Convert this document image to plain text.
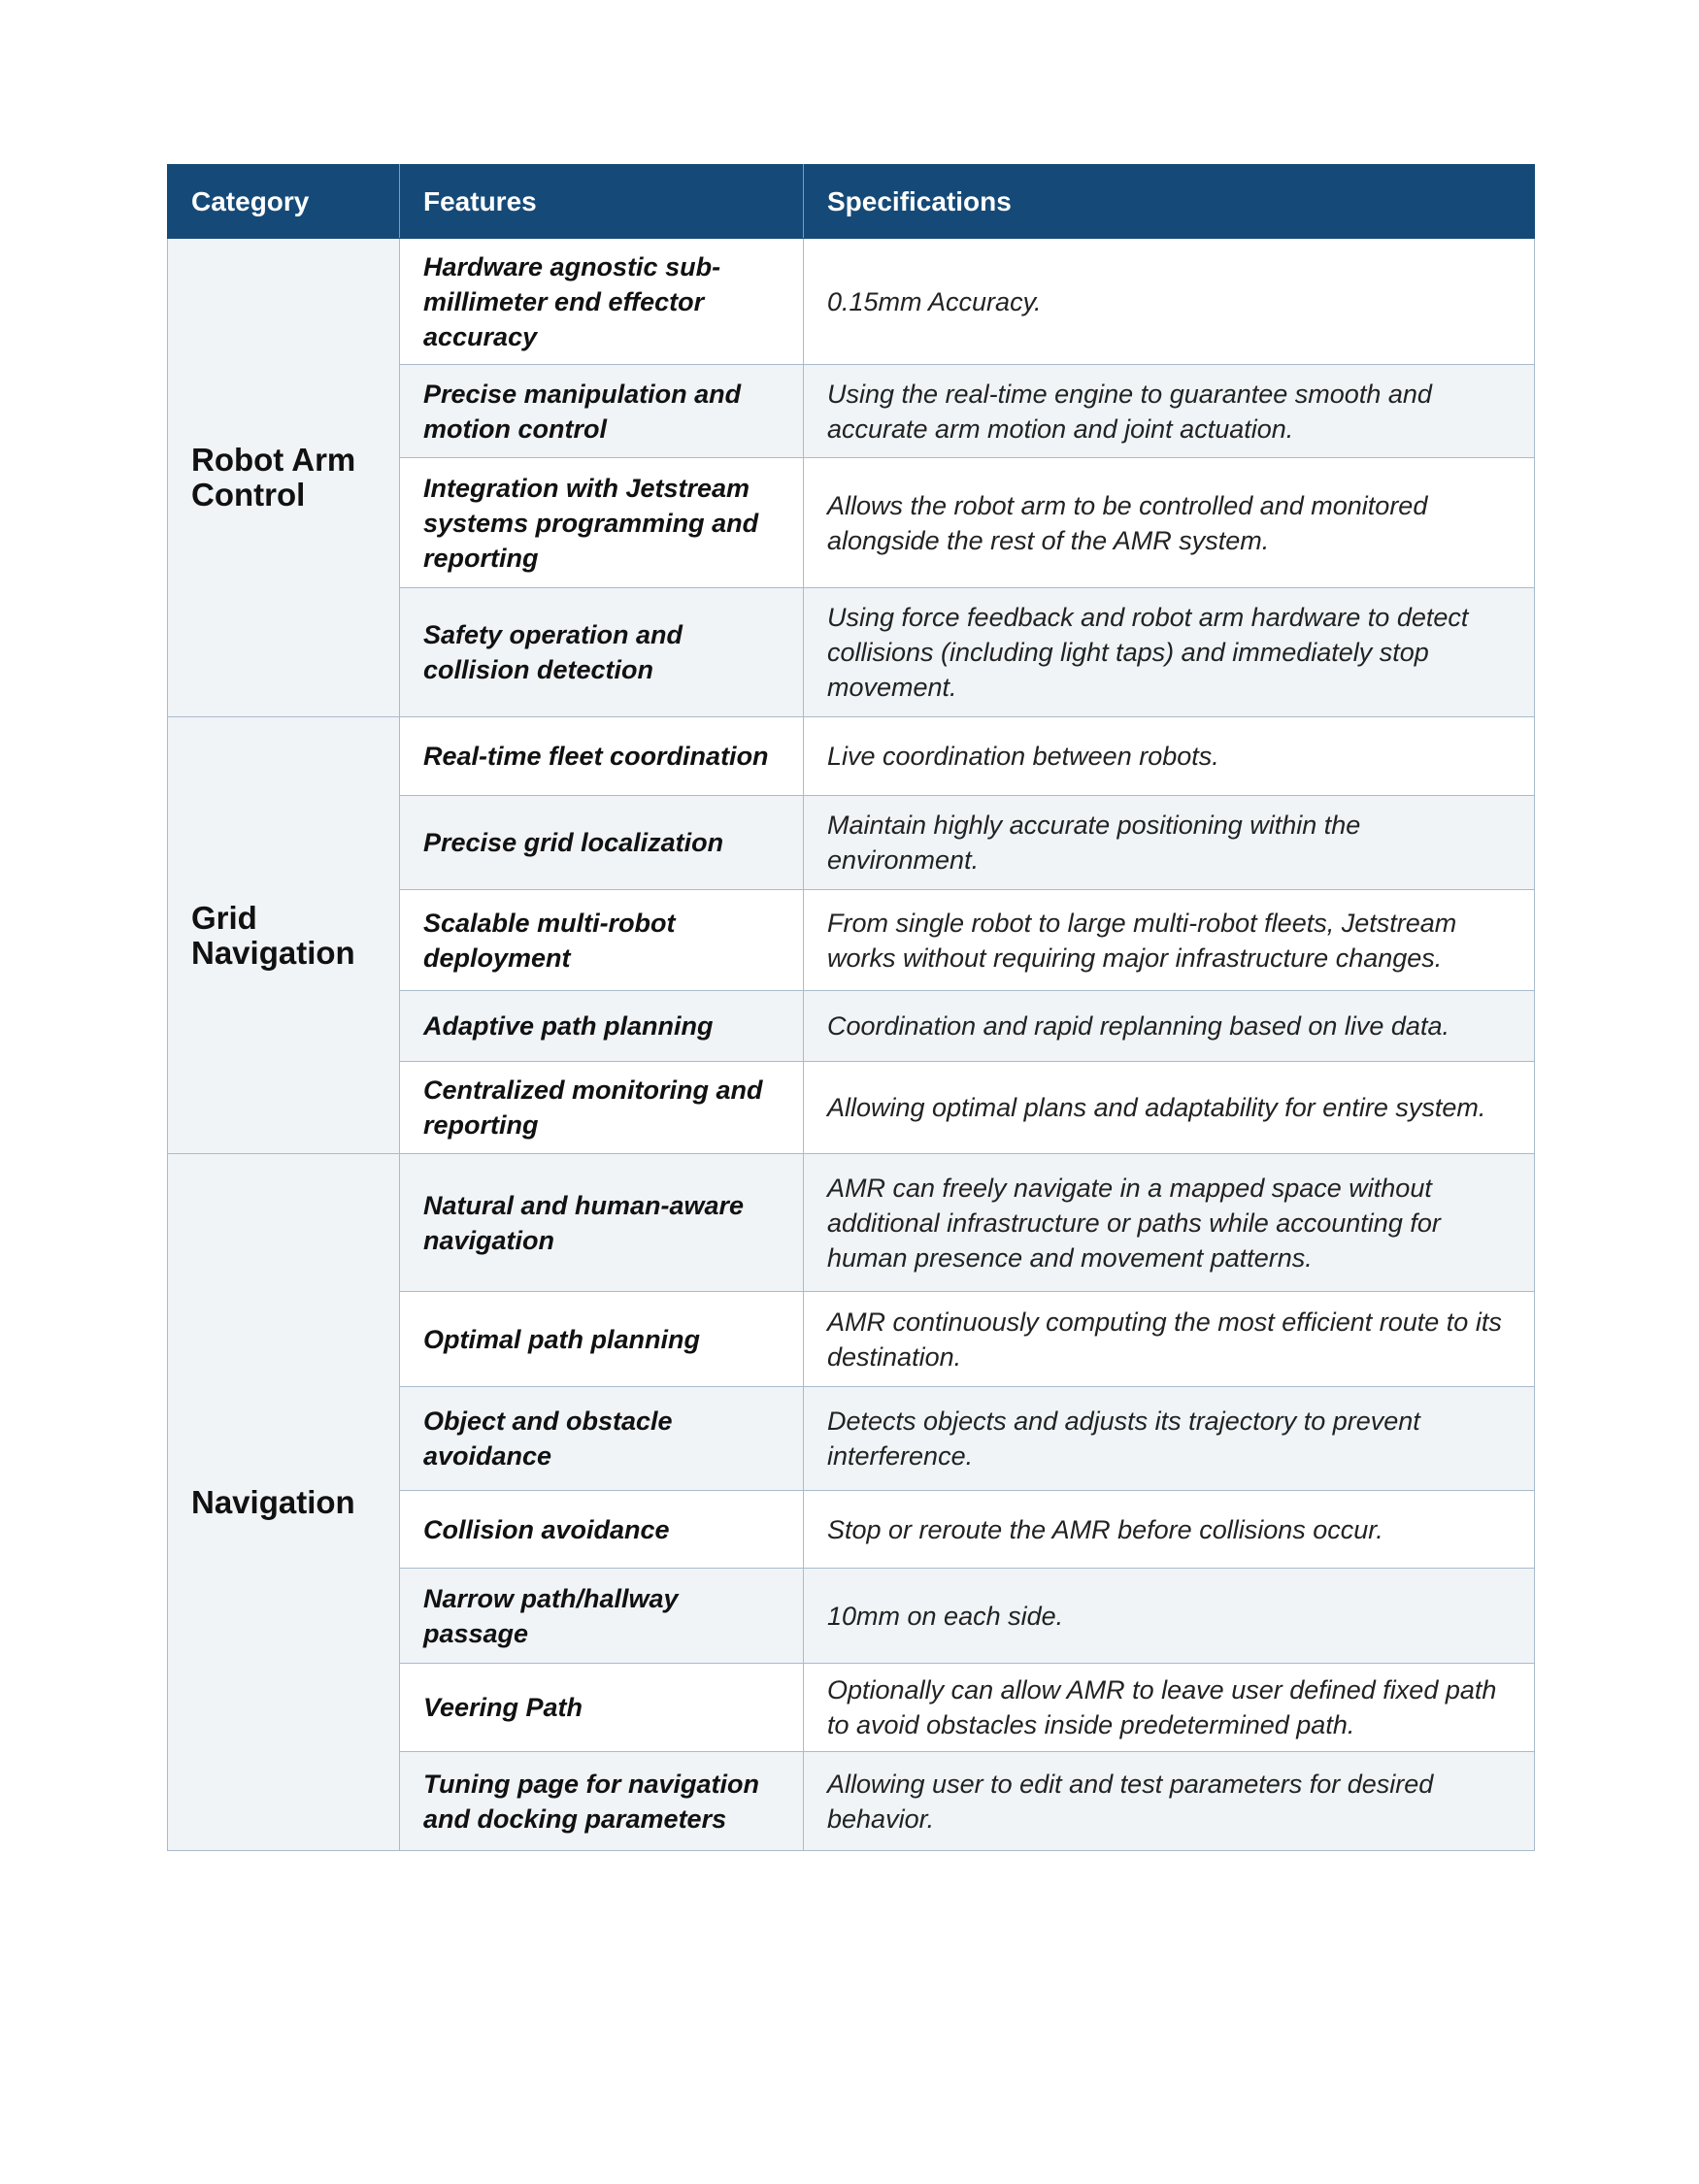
Category	Features	Specifications
Robot Arm Control	Hardware agnostic sub-millimeter end effector accuracy	0.15mm Accuracy.
	Precise manipulation and motion control	Using the real-time engine to guarantee smooth and accurate arm motion and joint actuation.
	Integration with Jetstream systems programming and reporting	Allows the robot arm to be controlled and monitored alongside the rest of the AMR system.
	Safety operation and collision detection	Using force feedback and robot arm hardware to detect collisions (including light taps) and immediately stop movement.
Grid Navigation	Real-time fleet coordination	Live coordination between robots.
	Precise grid localization	Maintain highly accurate positioning within the environment.
	Scalable multi-robot deployment	From single robot to large multi-robot fleets, Jetstream works without requiring major infrastructure changes.
	Adaptive path planning	Coordination and rapid replanning based on live data.
	Centralized monitoring and reporting	Allowing optimal plans and adaptability for entire system.
Navigation	Natural and human-aware navigation	AMR can freely navigate in a mapped space without additional infrastructure or paths while accounting for human presence and movement patterns.
	Optimal path planning	AMR continuously computing the most efficient route to its destination.
	Object and obstacle avoidance	Detects objects and adjusts its trajectory to prevent interference.
	Collision avoidance	Stop or reroute the AMR before collisions occur.
	Narrow path/hallway passage	10mm on each side.
	Veering Path	Optionally can allow AMR to leave user defined fixed path to avoid obstacles inside predetermined path.
	Tuning page for navigation and docking parameters	Allowing user to edit and test parameters for desired behavior.
